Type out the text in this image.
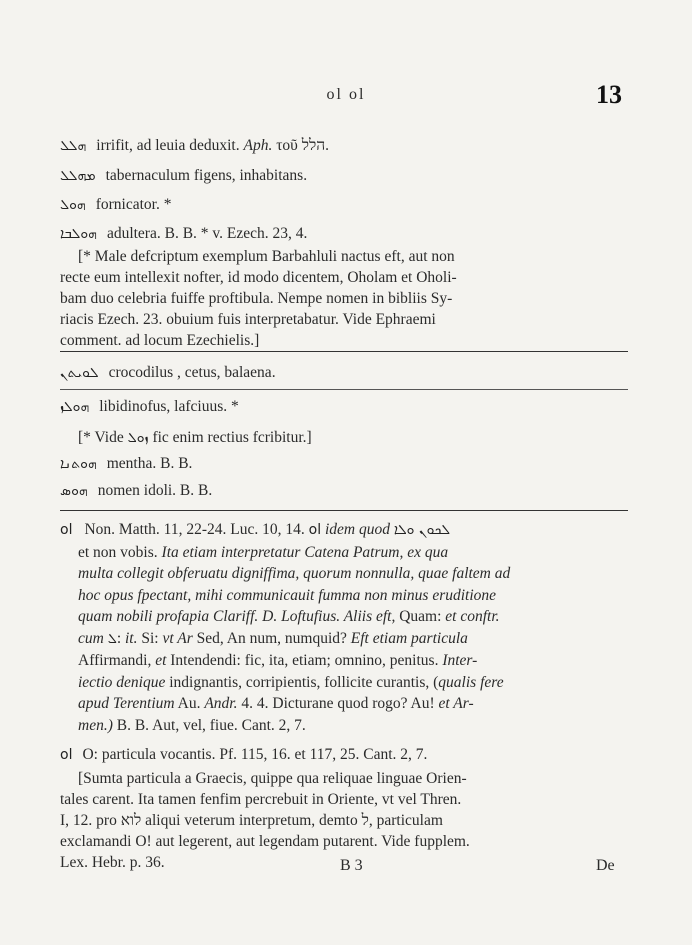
ol ol	13
ܗܠܠ irrifit, ad leuia deduxit. Aph. τοῦ הלל.
ܡܗܠܠ tabernaculum figens, inhabitans.
ܗܘܠ fornicator. *
ܗܘܠܒܐ adultera. B. B. * v. Ezech. 23, 4.
[* Male defcriptum exemplum Barbahluli nactus eft, aut non
recte eum intellexit nofter, id modo dicentem, Oholam et Oholi-
bam duo celebria fuiffe proftibula. Nempe nomen in bibliis Sy-
riacis Ezech. 23. obuium fuis interpretabatur. Vide Ephraemi
comment. ad locum Ezechielis.]
ܠܘܝܬܢ crocodilus , cetus, balaena.
ܗܘܠܙ libidinofus, lafciuus. *
[* Vide ܙܘܠ fic enim rectius fcribitur.]
ܗܘܬܢܐ mentha. B. B.
ܗܘܣ nomen idoli. B. B.
ol Non. Matth. 11, 22-24. Luc. 10, 14. ol idem quod ܠܟܘܢ ܘܠܐ
et non vobis. Ita etiam interpretatur Catena Patrum, ex qua
multa collegit obferuatu digniffima, quorum nonnulla, quae faltem ad
hoc opus fpectant, mihi communicauit fumma non minus eruditione
quam nobili profapia Clariff. D. Loftufius. Aliis eft, Quam: et conftr.
cum ܠ: it. Si: vt Ar Sed, An num, numquid? Eft etiam particula
Affirmandi, et Intendendi: fic, ita, etiam; omnino, penitus. Inter-
iectio denique indignantis, corripientis, follicite curantis, (qualis fere
apud Terentium Au. Andr. 4. 4. Dicturane quod rogo? Au! et Ar-
men.) B. B. Aut, vel, fiue. Cant. 2, 7.
ol O: particula vocantis. Pf. 115, 16. et 117, 25. Cant. 2, 7.
[Sumta particula a Graecis, quippe qua reliquae linguae Orien-
tales carent. Ita tamen fenfim percrebuit in Oriente, vt vel Thren.
I, 12. pro לוא aliqui veterum interpretum, demto ל, particulam
exclamandi O! aut legerent, aut legendam putarent. Vide fupplem.
Lex. Hebr. p. 36.	B 3	De
